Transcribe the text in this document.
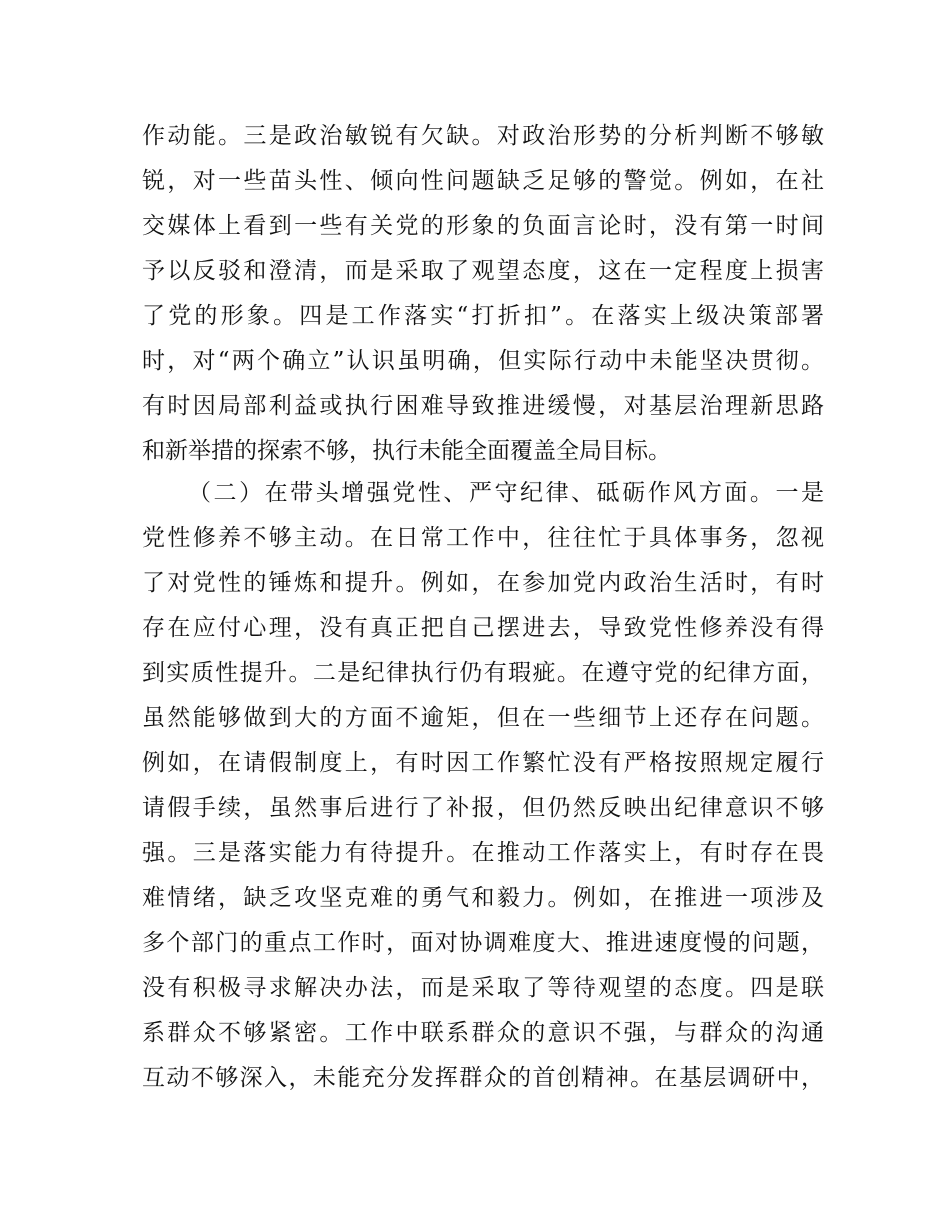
作动能。三是政治敏锐有欠缺。对政治形势的分析判断不够敏
锐，对一些苗头性、倾向性问题缺乏足够的警觉。例如，在社
交媒体上看到一些有关党的形象的负面言论时，没有第一时间
予以反驳和澄清，而是采取了观望态度，这在一定程度上损害
了党的形象。四是工作落实“打折扣”。在落实上级决策部署
时，对“两个确立”认识虽明确，但实际行动中未能坚决贯彻。
有时因局部利益或执行困难导致推进缓慢，对基层治理新思路
和新举措的探索不够，执行未能全面覆盖全局目标。
（二）在带头增强党性、严守纪律、砥砺作风方面。一是
党性修养不够主动。在日常工作中，往往忙于具体事务，忽视
了对党性的锤炼和提升。例如，在参加党内政治生活时，有时
存在应付心理，没有真正把自己摆进去，导致党性修养没有得
到实质性提升。二是纪律执行仍有瑕疵。在遵守党的纪律方面，
虽然能够做到大的方面不逾矩，但在一些细节上还存在问题。
例如，在请假制度上，有时因工作繁忙没有严格按照规定履行
请假手续，虽然事后进行了补报，但仍然反映出纪律意识不够
强。三是落实能力有待提升。在推动工作落实上，有时存在畏
难情绪，缺乏攻坚克难的勇气和毅力。例如，在推进一项涉及
多个部门的重点工作时，面对协调难度大、推进速度慢的问题，
没有积极寻求解决办法，而是采取了等待观望的态度。四是联
系群众不够紧密。工作中联系群众的意识不强，与群众的沟通
互动不够深入，未能充分发挥群众的首创精神。在基层调研中，
